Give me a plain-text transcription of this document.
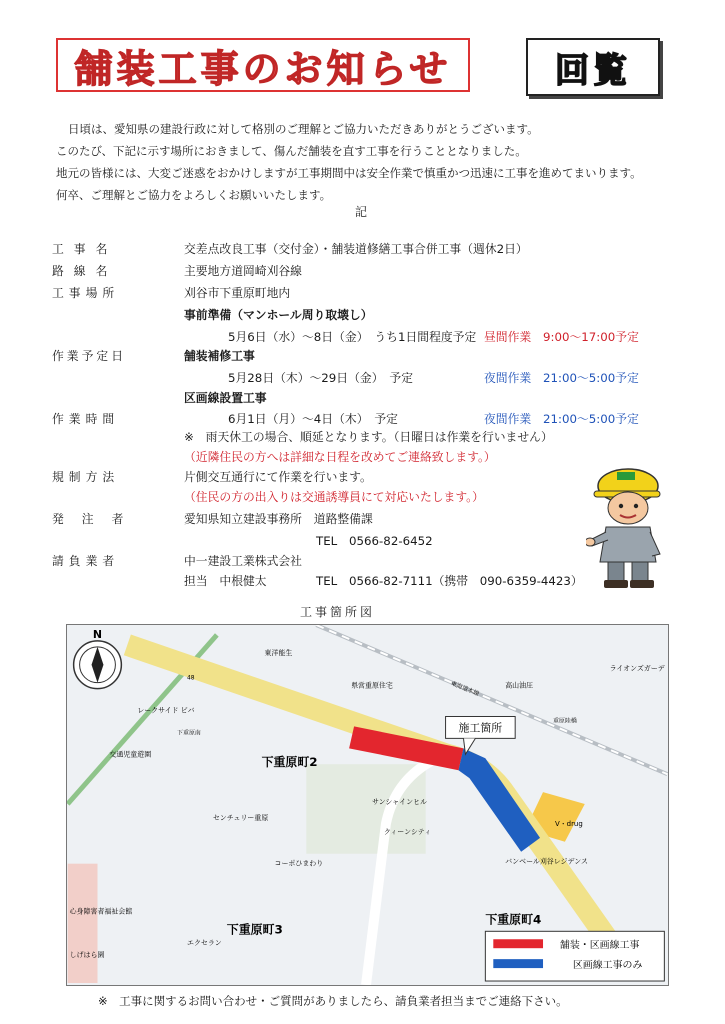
舗装工事のお知らせ	回覧

日頃は、愛知県の建設行政に対して格別のご理解とご協力いただきありがとうございます。

このたび、下記に示す場所におきまして、傷んだ舗装を直す工事を行うこととなりました。

地元の皆様には、大変ご迷惑をおかけしますが工事期間中は安全作業で慎重かつ迅速に工事を進めてまいります。

何卒、ご理解とご協力をよろしくお願いいたします。

記
工事名	交差点改良工事（交付金）・舗装道修繕工事合併工事（週休2日）
路線名	主要地方道岡崎刈谷線
工事場所	刈谷市下重原町地内
事前準備（マンホール周り取壊し）
5月6日（水）～8日（金）　うち1日間程度予定 昼間作業　9:00～17:00予定
作業予定日	舗装補修工事
5月28日（木）～29日（金）　予定	夜間作業　21:00～5:00予定
区画線設置工事
作業時間	6月1日（月）～4日（木）　予定	夜間作業　21:00～5:00予定
※　雨天休工の場合、順延となります。（日曜日は作業を行いません）
（近隣住民の方へは詳細な日程を改めてご連絡致します。）
規制方法	片側交互通行にて作業を行います。
（住民の方の出入りは交通誘導員にて対応いたします。）
発注者	愛知県知立建設事務所　道路整備課
TEL　0566-82-6452
請負業者	中一建設工業株式会社
担当　中根健太	TEL　0566-82-7111（携帯　090-6359-4423）
工事箇所図
施工箇所
N
下重原町2
下重原町3
下重原町4
東洋能生
県営重原住宅
交通児童遊園
レークサイド ビバ
下重原南
センチュリー重原
サンシャインヒル
クィーンシティ
コーポひまわり
V・drug
バンベール刈谷レジデンス
エクセラン
心身障害者福祉会館
しげはら園
ライオンズガーデ
高山油圧
重原陸橋
東海道本線
48
舗装・区画線工事
区画線工事のみ
※　工事に関するお問い合わせ・ご質問がありましたら、請負業者担当までご連絡下さい。
